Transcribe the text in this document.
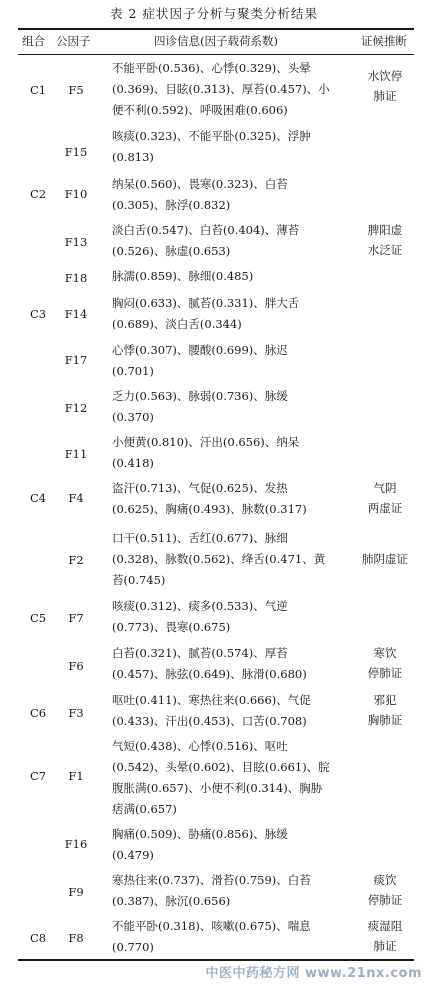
表 2 症状因子分析与聚类分析结果
组合 公因子	四诊信息(因子载荷系数)	证候推断
C1
C2
C3
C4
C5
C6
C7
C8
F5
F15
F10
F13
F18
F14
F17
F12
F11
F4
F2
F7
F6
F3
F1
F16
F9
F8
不能平卧(0.536)、心悸(0.329)、头晕
(0.369)、目眩(0.313)、厚苔(0.457)、小
便不利(0.592)、呼吸困难(0.606)
咳痰(0.323)、不能平卧(0.325)、浮肿
(0.813)
纳呆(0.560)、畏寒(0.323)、白苔
(0.305)、脉浮(0.832)
淡白舌(0.547)、白苔(0.404)、薄苔
(0.526)、脉虚(0.653)
脉濡(0.859)、脉细(0.485)
胸闷(0.633)、腻苔(0.331)、胖大舌
(0.689)、淡白舌(0.344)
心悸(0.307)、腰酸(0.699)、脉迟
(0.701)
乏力(0.563)、脉弱(0.736)、脉缓
(0.370)
小便黄(0.810)、汗出(0.656)、纳呆
(0.418)
盗汗(0.713)、气促(0.625)、发热
(0.625)、胸痛(0.493)、脉数(0.317)
口干(0.511)、舌红(0.677)、脉细
(0.328)、脉数(0.562)、绛舌(0.471、黄
苔(0.745)
咳痰(0.312)、痰多(0.533)、气逆
(0.773)、畏寒(0.675)
白苔(0.321)、腻苔(0.574)、厚苔
(0.457)、脉弦(0.649)、脉滑(0.680)
呕吐(0.411)、寒热往来(0.666)、气促
(0.433)、汗出(0.453)、口苦(0.708)
气短(0.438)、心悸(0.516)、呕吐
(0.542)、头晕(0.602)、目眩(0.661)、脘
腹胀满(0.657)、小便不利(0.314)、胸胁
痞满(0.657)
胸痛(0.509)、胁痛(0.856)、脉缓
(0.479)
寒热往来(0.737)、滑苔(0.759)、白苔
(0.387)、脉沉(0.656)
不能平卧(0.318)、咳嗽(0.675)、喘息
(0.770)
水饮停
肺证
脾阳虚
水泛证
气阴
两虚证
肺阴虚证
寒饮
停肺证
邪犯
胸肺证
痰饮
停肺证
痰湿阻
肺证
中医中药秘方网 www.21nx.com
